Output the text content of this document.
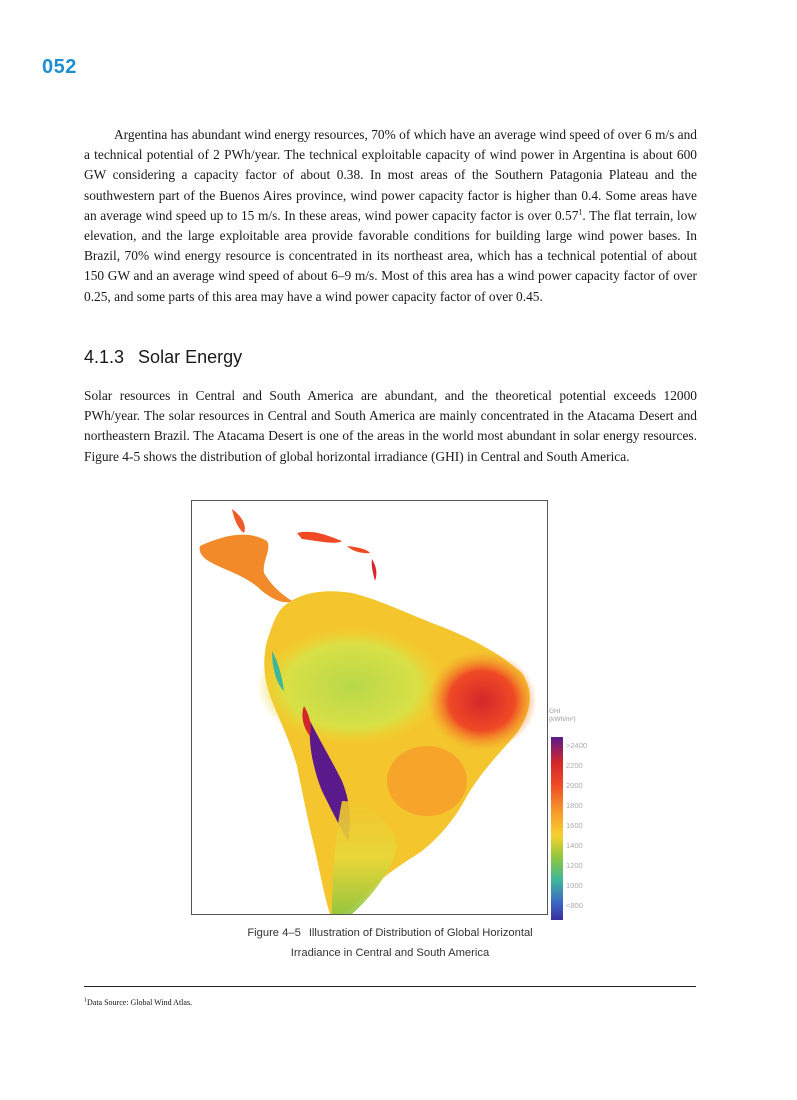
052

Argentina has abundant wind energy resources, 70% of which have an average wind speed of over 6 m/s and a technical potential of 2 PWh/year. The technical exploitable capacity of wind power in Argentina is about 600 GW considering a capacity factor of about 0.38. In most areas of the Southern Patagonia Plateau and the southwestern part of the Buenos Aires province, wind power capacity factor is higher than 0.4. Some areas have an average wind speed up to 15 m/s. In these areas, wind power capacity factor is over 0.57$^1$. The flat terrain, low elevation, and the large exploitable area provide favorable conditions for building large wind power bases. In Brazil, 70% wind energy resource is concentrated in its northeast area, which has a technical potential of about 150 GW and an average wind speed of about 6–9 m/s. Most of this area has a wind power capacity factor of over 0.25, and some parts of this area may have a wind power capacity factor of over 0.45.

4.1.3 Solar Energy

Solar resources in Central and South America are abundant, and the theoretical potential exceeds 12000 PWh/year. The solar resources in Central and South America are mainly concentrated in the Atacama Desert and northeastern Brazil. The Atacama Desert is one of the areas in the world most abundant in solar energy resources. Figure 4-5 shows the distribution of global horizontal irradiance (GHI) in Central and South America.

GHI
(kWh/m²)
>2400
2200
2000
1800
1600
1400
1200
1000
<800
Figure 4–5 Illustration of Distribution of Global Horizontal
Irradiance in Central and South America
$^1$Data Source: Global Wind Atlas.
